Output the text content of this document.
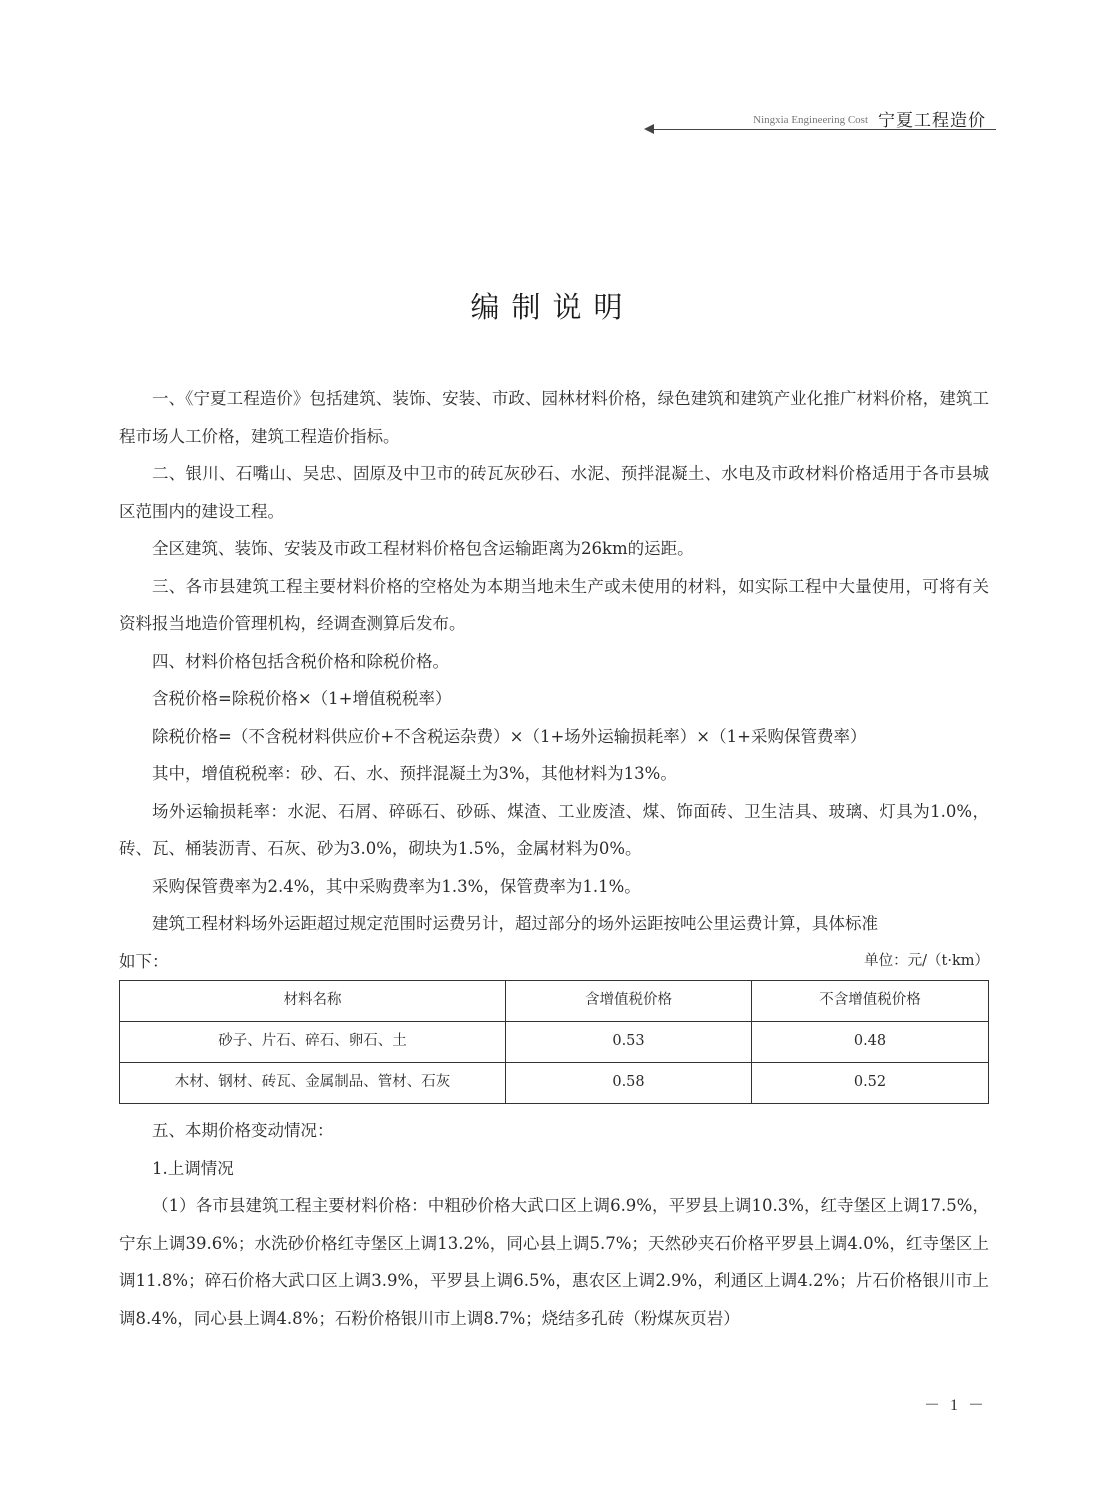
Ningxia Engineering Cost 宁夏工程造价
编制说明

一、《宁夏工程造价》包括建筑、装饰、安装、市政、园林材料价格，绿色建筑和建筑产业化推广材料价格，建筑工程市场人工价格，建筑工程造价指标。

二、银川、石嘴山、吴忠、固原及中卫市的砖瓦灰砂石、水泥、预拌混凝土、水电及市政材料价格适用于各市县城区范围内的建设工程。

全区建筑、装饰、安装及市政工程材料价格包含运输距离为26km的运距。

三、各市县建筑工程主要材料价格的空格处为本期当地未生产或未使用的材料，如实际工程中大量使用，可将有关资料报当地造价管理机构，经调查测算后发布。

四、材料价格包括含税价格和除税价格。

含税价格=除税价格×（1+增值税税率）

除税价格=（不含税材料供应价+不含税运杂费）×（1+场外运输损耗率）×（1+采购保管费率）

其中，增值税税率：砂、石、水、预拌混凝土为3%，其他材料为13%。

场外运输损耗率：水泥、石屑、碎砾石、砂砾、煤渣、工业废渣、煤、饰面砖、卫生洁具、玻璃、灯具为1.0%，砖、瓦、桶装沥青、石灰、砂为3.0%，砌块为1.5%，金属材料为0%。

采购保管费率为2.4%，其中采购费率为1.3%，保管费率为1.1%。

建筑工程材料场外运距超过规定范围时运费另计，超过部分的场外运距按吨公里运费计算，具体标准

如下：	单位：元/（t·km）
材料名称	含增值税价格	不含增值税价格
砂子、片石、碎石、卵石、土	0.53	0.48
木材、钢材、砖瓦、金属制品、管材、石灰	0.58	0.52

五、本期价格变动情况：

1.上调情况

（1）各市县建筑工程主要材料价格：中粗砂价格大武口区上调6.9%，平罗县上调10.3%，红寺堡区上调17.5%，宁东上调39.6%；水洗砂价格红寺堡区上调13.2%，同心县上调5.7%；天然砂夹石价格平罗县上调4.0%，红寺堡区上调11.8%；碎石价格大武口区上调3.9%，平罗县上调6.5%，惠农区上调2.9%，利通区上调4.2%；片石价格银川市上调8.4%，同心县上调4.8%；石粉价格银川市上调8.7%；烧结多孔砖（粉煤灰页岩）

－ 1 －
